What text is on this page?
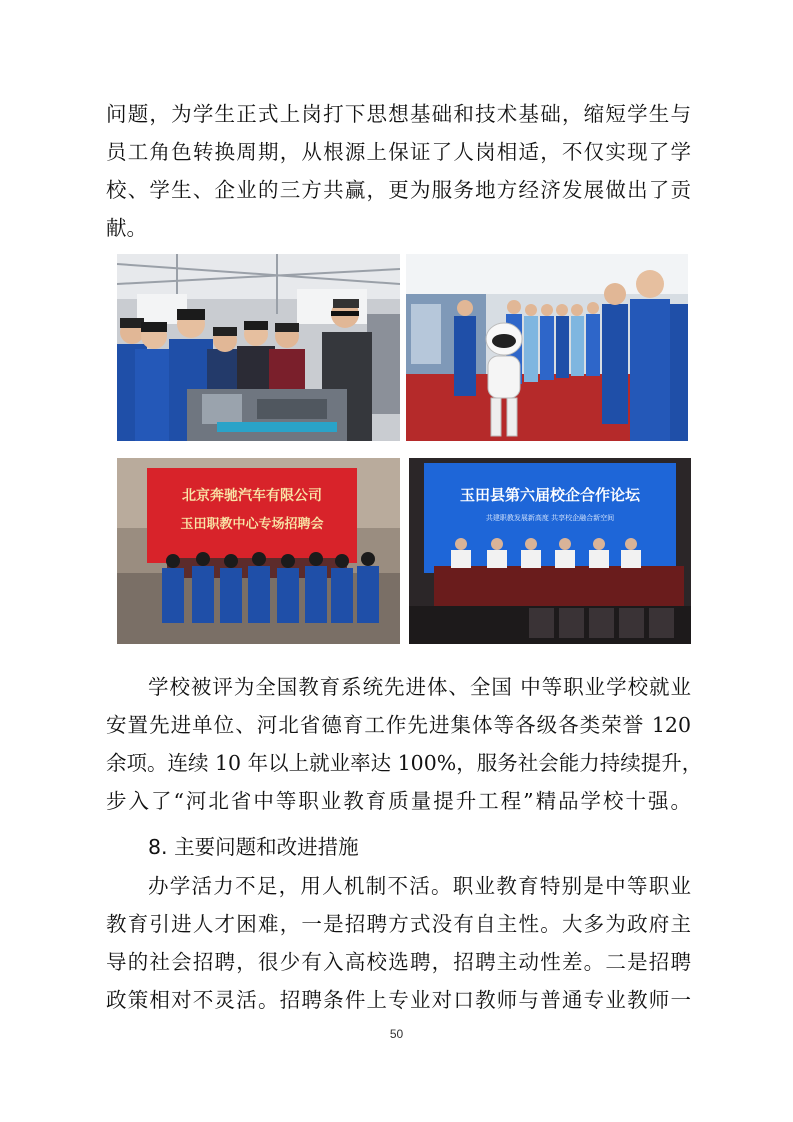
问题，为学生正式上岗打下思想基础和技术基础，缩短学生与
员工角色转换周期，从根源上保证了人岗相适，不仅实现了学
校、学生、企业的三方共赢，更为服务地方经济发展做出了贡
献。
北京奔驰汽车有限公司
玉田职教中心专场招聘会
玉田县第六届校企合作论坛
共建职教发展新高度 共享校企融合新空间
学校被评为全国教育系统先进体、全国 中等职业学校就业
安置先进单位、河北省德育工作先进集体等各级各类荣誉 120
余项。连续 10 年以上就业率达 100%，服务社会能力持续提升，
步入了“河北省中等职业教育质量提升工程”精品学校十强。
8. 主要问题和改进措施
办学活力不足，用人机制不活。职业教育特别是中等职业
教育引进人才困难，一是招聘方式没有自主性。大多为政府主
导的社会招聘，很少有入高校选聘，招聘主动性差。二是招聘
政策相对不灵活。招聘条件上专业对口教师与普通专业教师一
50
